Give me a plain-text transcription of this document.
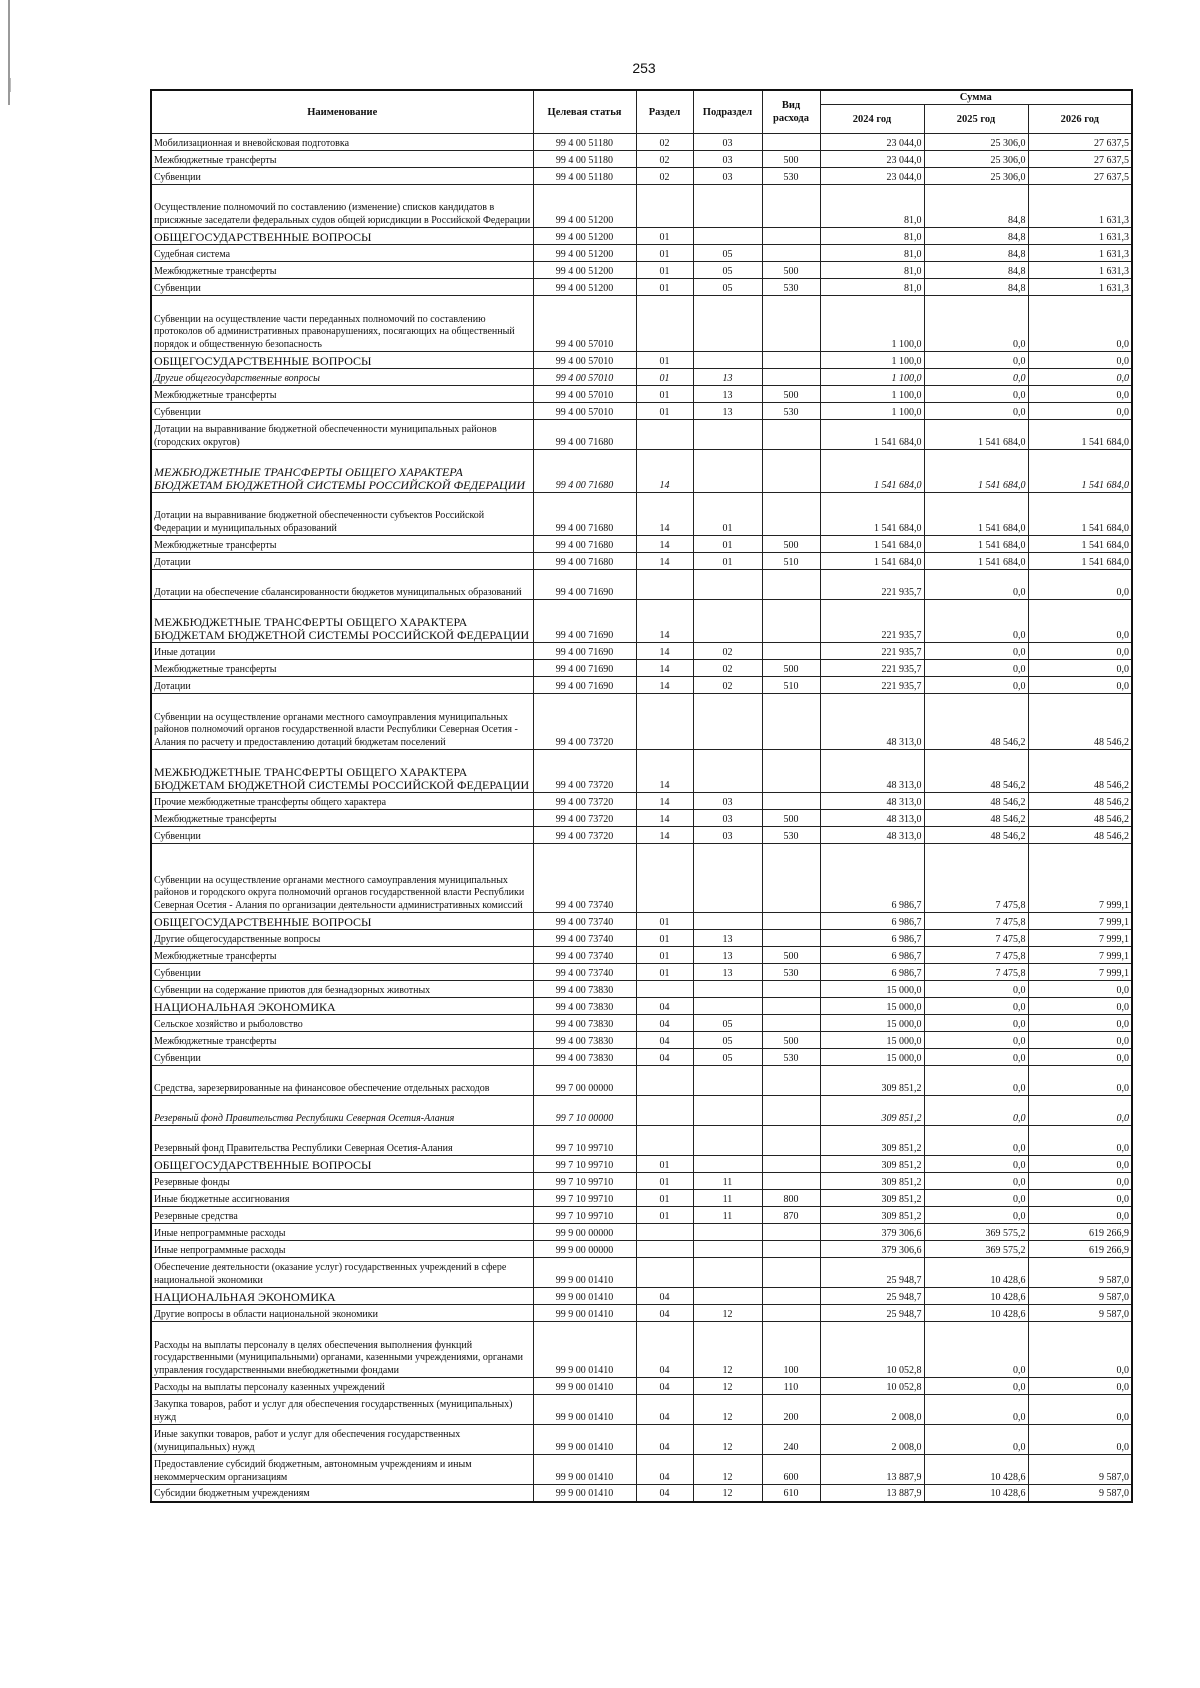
253
Наименование	Целевая статья	Раздел	Подраздел	Вид расхода	Сумма		
					2024 год	2025 год	2026 год
Мобилизационная и вневойсковая подготовка	99 4 00 51180	02	03		23 044,0	25 306,0	27 637,5
Межбюджетные трансферты	99 4 00 51180	02	03	500	23 044,0	25 306,0	27 637,5
Субвенции	99 4 00 51180	02	03	530	23 044,0	25 306,0	27 637,5
Осуществление полномочий по составлению (изменение) списков кандидатов в присяжные заседатели федеральных судов общей юрисдикции в Российской Федерации	99 4 00 51200				81,0	84,8	1 631,3
ОБЩЕГОСУДАРСТВЕННЫЕ ВОПРОСЫ	99 4 00 51200	01			81,0	84,8	1 631,3
Судебная система	99 4 00 51200	01	05		81,0	84,8	1 631,3
Межбюджетные трансферты	99 4 00 51200	01	05	500	81,0	84,8	1 631,3
Субвенции	99 4 00 51200	01	05	530	81,0	84,8	1 631,3
Субвенции на осуществление части переданных полномочий по составлению протоколов об административных правонарушениях, посягающих на общественный порядок и общественную безопасность	99 4 00 57010				1 100,0	0,0	0,0
ОБЩЕГОСУДАРСТВЕННЫЕ ВОПРОСЫ	99 4 00 57010	01			1 100,0	0,0	0,0
Другие общегосударственные вопросы	99 4 00 57010	01	13		1 100,0	0,0	0,0
Межбюджетные трансферты	99 4 00 57010	01	13	500	1 100,0	0,0	0,0
Субвенции	99 4 00 57010	01	13	530	1 100,0	0,0	0,0
Дотации на выравнивание бюджетной обеспеченности муниципальных районов (городских округов)	99 4 00 71680				1 541 684,0	1 541 684,0	1 541 684,0
МЕЖБЮДЖЕТНЫЕ ТРАНСФЕРТЫ ОБЩЕГО ХАРАКТЕРА БЮДЖЕТАМ БЮДЖЕТНОЙ СИСТЕМЫ РОССИЙСКОЙ ФЕДЕРАЦИИ	99 4 00 71680	14			1 541 684,0	1 541 684,0	1 541 684,0
Дотации на выравнивание бюджетной обеспеченности субъектов Российской Федерации и муниципальных образований	99 4 00 71680	14	01		1 541 684,0	1 541 684,0	1 541 684,0
Межбюджетные трансферты	99 4 00 71680	14	01	500	1 541 684,0	1 541 684,0	1 541 684,0
Дотации	99 4 00 71680	14	01	510	1 541 684,0	1 541 684,0	1 541 684,0
Дотации на обеспечение сбалансированности бюджетов муниципальных образований	99 4 00 71690				221 935,7	0,0	0,0
МЕЖБЮДЖЕТНЫЕ ТРАНСФЕРТЫ ОБЩЕГО ХАРАКТЕРА БЮДЖЕТАМ БЮДЖЕТНОЙ СИСТЕМЫ РОССИЙСКОЙ ФЕДЕРАЦИИ	99 4 00 71690	14			221 935,7	0,0	0,0
Иные дотации	99 4 00 71690	14	02		221 935,7	0,0	0,0
Межбюджетные трансферты	99 4 00 71690	14	02	500	221 935,7	0,0	0,0
Дотации	99 4 00 71690	14	02	510	221 935,7	0,0	0,0
Субвенции на осуществление органами местного самоуправления муниципальных районов полномочий органов государственной власти Республики Северная Осетия - Алания по расчету и предоставлению дотаций бюджетам поселений	99 4 00 73720				48 313,0	48 546,2	48 546,2
МЕЖБЮДЖЕТНЫЕ ТРАНСФЕРТЫ ОБЩЕГО ХАРАКТЕРА БЮДЖЕТАМ БЮДЖЕТНОЙ СИСТЕМЫ РОССИЙСКОЙ ФЕДЕРАЦИИ	99 4 00 73720	14			48 313,0	48 546,2	48 546,2
Прочие межбюджетные трансферты общего характера	99 4 00 73720	14	03		48 313,0	48 546,2	48 546,2
Межбюджетные трансферты	99 4 00 73720	14	03	500	48 313,0	48 546,2	48 546,2
Субвенции	99 4 00 73720	14	03	530	48 313,0	48 546,2	48 546,2
Субвенции на осуществление органами местного самоуправления муниципальных районов и городского округа полномочий органов государственной власти Республики Северная Осетия - Алания по организации деятельности административных комиссий	99 4 00 73740				6 986,7	7 475,8	7 999,1
ОБЩЕГОСУДАРСТВЕННЫЕ ВОПРОСЫ	99 4 00 73740	01			6 986,7	7 475,8	7 999,1
Другие общегосударственные вопросы	99 4 00 73740	01	13		6 986,7	7 475,8	7 999,1
Межбюджетные трансферты	99 4 00 73740	01	13	500	6 986,7	7 475,8	7 999,1
Субвенции	99 4 00 73740	01	13	530	6 986,7	7 475,8	7 999,1
Субвенции на содержание приютов для безнадзорных животных	99 4 00 73830				15 000,0	0,0	0,0
НАЦИОНАЛЬНАЯ ЭКОНОМИКА	99 4 00 73830	04			15 000,0	0,0	0,0
Сельское хозяйство и рыболовство	99 4 00 73830	04	05		15 000,0	0,0	0,0
Межбюджетные трансферты	99 4 00 73830	04	05	500	15 000,0	0,0	0,0
Субвенции	99 4 00 73830	04	05	530	15 000,0	0,0	0,0
Средства, зарезервированные на финансовое обеспечение отдельных расходов	99 7 00 00000				309 851,2	0,0	0,0
Резервный фонд Правительства Республики Северная Осетия-Алания	99 7 10 00000				309 851,2	0,0	0,0
Резервный фонд Правительства Республики Северная Осетия-Алания	99 7 10 99710				309 851,2	0,0	0,0
ОБЩЕГОСУДАРСТВЕННЫЕ ВОПРОСЫ	99 7 10 99710	01			309 851,2	0,0	0,0
Резервные фонды	99 7 10 99710	01	11		309 851,2	0,0	0,0
Иные бюджетные ассигнования	99 7 10 99710	01	11	800	309 851,2	0,0	0,0
Резервные средства	99 7 10 99710	01	11	870	309 851,2	0,0	0,0
Иные непрограммные расходы	99 9 00 00000				379 306,6	369 575,2	619 266,9
Иные непрограммные расходы	99 9 00 00000				379 306,6	369 575,2	619 266,9
Обеспечение деятельности (оказание услуг) государственных учреждений в сфере национальной экономики	99 9 00 01410				25 948,7	10 428,6	9 587,0
НАЦИОНАЛЬНАЯ ЭКОНОМИКА	99 9 00 01410	04			25 948,7	10 428,6	9 587,0
Другие вопросы в области национальной экономики	99 9 00 01410	04	12		25 948,7	10 428,6	9 587,0
Расходы на выплаты персоналу в целях обеспечения выполнения функций государственными (муниципальными) органами, казенными учреждениями, органами управления государственными внебюджетными фондами	99 9 00 01410	04	12	100	10 052,8	0,0	0,0
Расходы на выплаты персоналу казенных учреждений	99 9 00 01410	04	12	110	10 052,8	0,0	0,0
Закупка товаров, работ и услуг для обеспечения государственных (муниципальных) нужд	99 9 00 01410	04	12	200	2 008,0	0,0	0,0
Иные закупки товаров, работ и услуг для обеспечения государственных (муниципальных) нужд	99 9 00 01410	04	12	240	2 008,0	0,0	0,0
Предоставление субсидий бюджетным, автономным учреждениям и иным некоммерческим организациям	99 9 00 01410	04	12	600	13 887,9	10 428,6	9 587,0
Субсидии бюджетным учреждениям	99 9 00 01410	04	12	610	13 887,9	10 428,6	9 587,0
